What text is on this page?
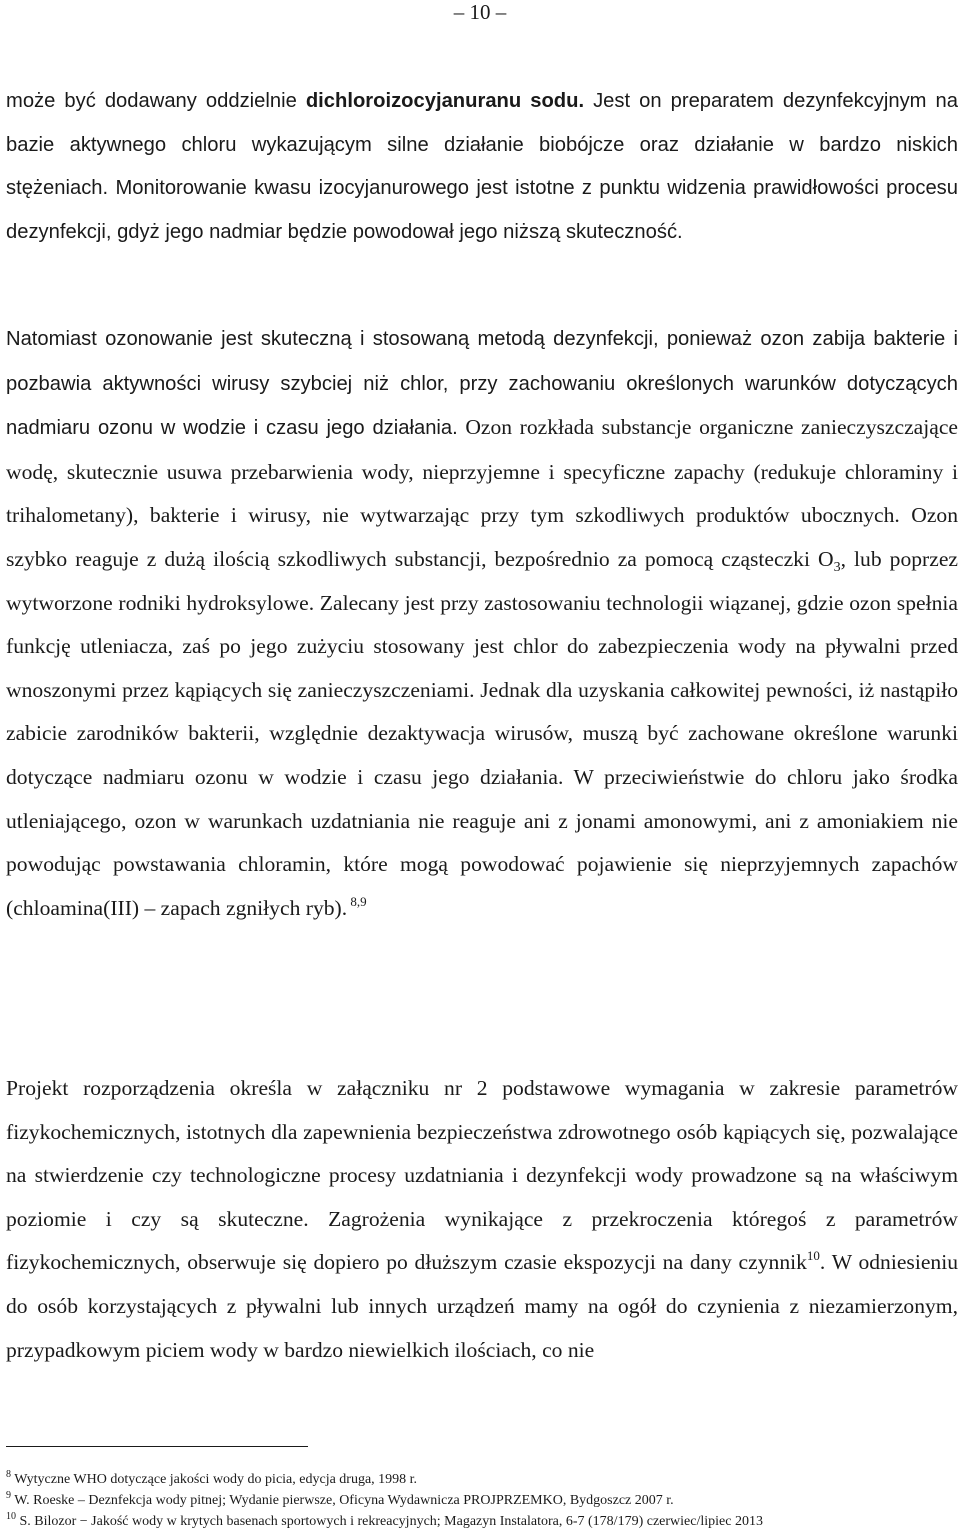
– 10 –

może być dodawany oddzielnie dichloroizocyjanuranu sodu. Jest on preparatem dezynfekcyjnym na bazie aktywnego chloru wykazującym silne działanie biobójcze oraz działanie w bardzo niskich stężeniach. Monitorowanie kwasu izocyjanurowego jest istotne z punktu widzenia prawidłowości procesu dezynfekcji, gdyż jego nadmiar będzie powodował jego niższą skuteczność.

Natomiast ozonowanie jest skuteczną i stosowaną metodą dezynfekcji, ponieważ ozon zabija bakterie i pozbawia aktywności wirusy szybciej niż chlor, przy zachowaniu określonych warunków dotyczących nadmiaru ozonu w wodzie i czasu jego działania. Ozon rozkłada substancje organiczne zanieczyszczające wodę, skutecznie usuwa przebarwienia wody, nieprzyjemne i specyficzne zapachy (redukuje chloraminy i trihalometany), bakterie i wirusy, nie wytwarzając przy tym szkodliwych produktów ubocznych. Ozon szybko reaguje z dużą ilością szkodliwych substancji, bezpośrednio za pomocą cząsteczki $O_3$, lub poprzez wytworzone rodniki hydroksylowe. Zalecany jest przy zastosowaniu technologii wiązanej, gdzie ozon spełnia funkcję utleniacza, zaś po jego zużyciu stosowany jest chlor do zabezpieczenia wody na pływalni przed wnoszonymi przez kąpiących się zanieczyszczeniami. Jednak dla uzyskania całkowitej pewności, iż nastąpiło zabicie zarodników bakterii, względnie dezaktywacja wirusów, muszą być zachowane określone warunki dotyczące nadmiaru ozonu w wodzie i czasu jego działania. W przeciwieństwie do chloru jako środka utleniającego, ozon w warunkach uzdatniania nie reaguje ani z jonami amonowymi, ani z amoniakiem nie powodując powstawania chloramin, które mogą powodować pojawienie się nieprzyjemnych zapachów (chloamina(III) – zapach zgniłych ryb). $^{8,9}$

Projekt rozporządzenia określa w załączniku nr 2 podstawowe wymagania w zakresie parametrów fizykochemicznych, istotnych dla zapewnienia bezpieczeństwa zdrowotnego osób kąpiących się, pozwalające na stwierdzenie czy technologiczne procesy uzdatniania i dezynfekcji wody prowadzone są na właściwym poziomie i czy są skuteczne. Zagrożenia wynikające z przekroczenia któregoś z parametrów fizykochemicznych, obserwuje się dopiero po dłuższym czasie ekspozycji na dany czynnik$^{10}$. W odniesieniu do osób korzystających z pływalni lub innych urządzeń mamy na ogół do czynienia z niezamierzonym, przypadkowym piciem wody w bardzo niewielkich ilościach, co nie

$^8$ Wytyczne WHO dotyczące jakości wody do picia, edycja druga, 1998 r.
$^9$ W. Roeske – Deznfekcja wody pitnej; Wydanie pierwsze, Oficyna Wydawnicza PROJPRZEMKO, Bydgoszcz 2007 r.
$^{10}$ S. Bilozor − Jakość wody w krytych basenach sportowych i rekreacyjnych; Magazyn Instalatora, 6-7 (178/179) czerwiec/lipiec 2013
